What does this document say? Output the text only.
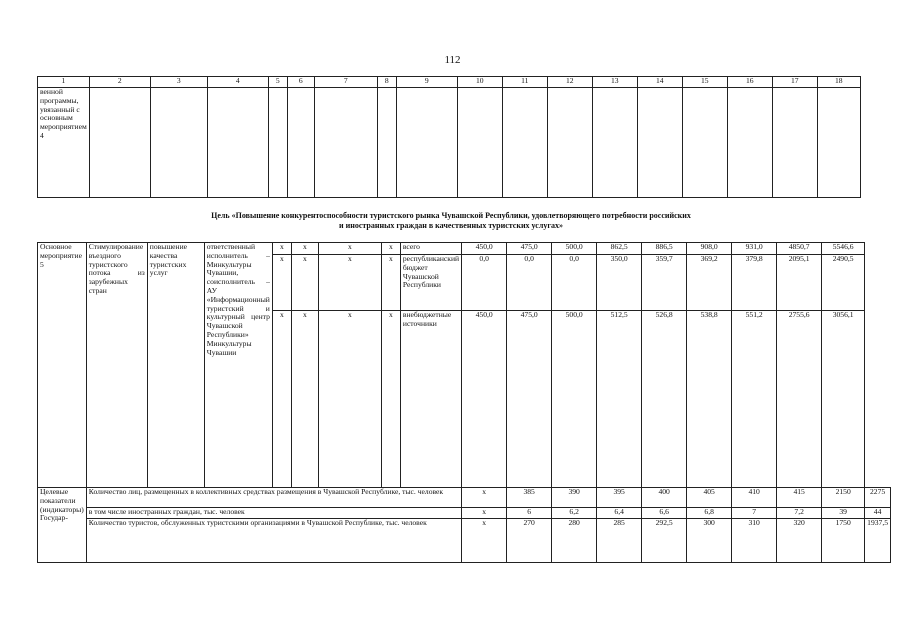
112
1	2	3	4	5	6	7	8	9	10	11	12	13	14	15	16	17	18
венной программы, увязанный с основным мероприятием 4																	
Цель «Повышение конкурентоспособности туристского рынка Чувашской Республики, удовлетворяющего потребности российских
и иностранных граждан в качественных туристских услугах»
Основное мероприятие 5	Стимулирование въездного туристского потока из зарубежных стран	повышение качества туристских услуг	ответственный исполнитель – Минкультуры Чувашии, соисполнитель – АУ «Информационный туристский и культурный центр Чувашской Республики» Минкультуры Чувашии	x	x	x	x	всего	450,0	475,0	500,0	862,5	886,5	908,0	931,0	4850,7	5546,6	
				x	x	x	x	республиканский бюджет Чувашской Республики	0,0	0,0	0,0	350,0	359,7	369,2	379,8	2095,1	2490,5	
				x	x	x	x	внебюджетные источники	450,0	475,0	500,0	512,5	526,8	538,8	551,2	2755,6	3056,1	
Целевые показатели (индикаторы) Государ-	Количество лиц, размещенных в коллективных средствах размещения в Чувашской Республике, тыс. человек								x	385	390	395	400	405	410	415	2150	2275
	в том числе иностранных граждан, тыс. человек								x	6	6,2	6,4	6,6	6,8	7	7,2	39	44
	Количество туристов, обслуженных туристскими организациями в Чувашской Республике, тыс. человек								x	270	280	285	292,5	300	310	320	1750	1937,5
